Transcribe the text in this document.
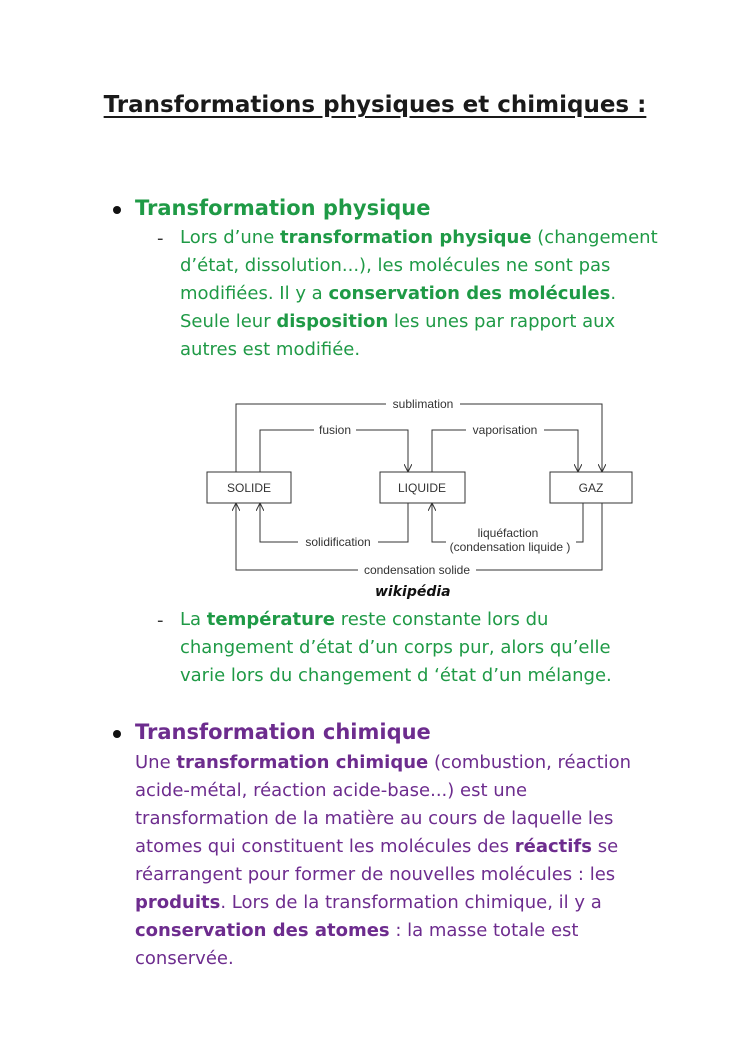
Transformations physiques et chimiques :
Transformation physique
- Lors d’une transformation physique (changement d’état, dissolution...), les molécules ne sont pas modifiées. Il y a conservation des molécules. Seule leur disposition les unes par rapport aux autres est modifiée.
SOLIDE	LIQUIDE	GAZ
sublimation
fusion	vaporisation
solidification
liquéfaction
(condensation liquide )
condensation solide
wikipédia
- La température reste constante lors du changement d’état d’un corps pur, alors qu’elle varie lors du changement d ‘état d’un mélange.
Transformation chimique
Une transformation chimique (combustion, réaction acide-métal, réaction acide-base...) est une transformation de la matière au cours de laquelle les atomes qui constituent les molécules des réactifs se réarrangent pour former de nouvelles molécules : les produits. Lors de la transformation chimique, il y a conservation des atomes : la masse totale est conservée.
